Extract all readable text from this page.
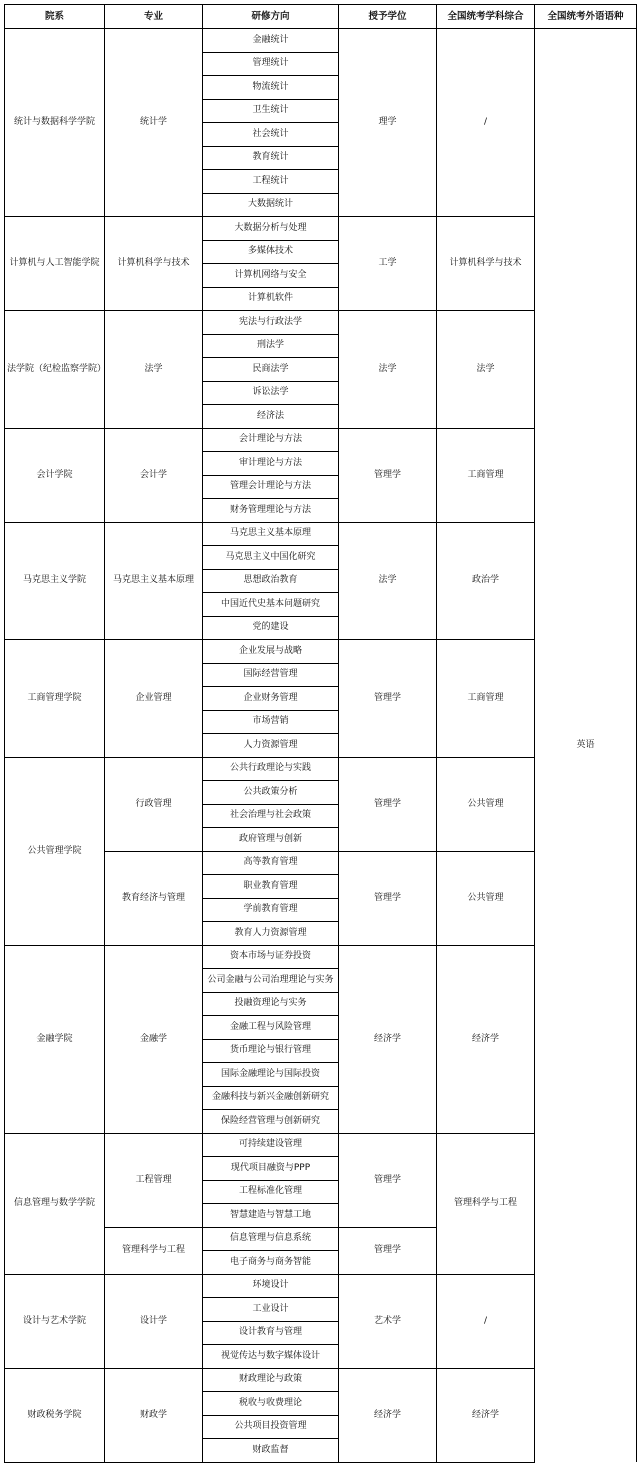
院系	专业	研修方向	授予学位	全国统考学科综合	全国统考外语语种
统计与数据科学学院	统计学	金融统计	理学	/	英语
		管理统计			
		物流统计			
		卫生统计			
		社会统计			
		教育统计			
		工程统计			
		大数据统计			
计算机与人工智能学院	计算机科学与技术	大数据分析与处理	工学	计算机科学与技术	
		多媒体技术			
		计算机网络与安全			
		计算机软件			
法学院（纪检监察学院）	法学	宪法与行政法学	法学	法学	
		刑法学			
		民商法学			
		诉讼法学			
		经济法			
会计学院	会计学	会计理论与方法	管理学	工商管理	
		审计理论与方法			
		管理会计理论与方法			
		财务管理理论与方法			
马克思主义学院	马克思主义基本原理	马克思主义基本原理	法学	政治学	
		马克思主义中国化研究			
		思想政治教育			
		中国近代史基本问题研究			
		党的建设			
工商管理学院	企业管理	企业发展与战略	管理学	工商管理	
		国际经营管理			
		企业财务管理			
		市场营销			
		人力资源管理			
公共管理学院	行政管理	公共行政理论与实践	管理学	公共管理	
		公共政策分析			
		社会治理与社会政策			
		政府管理与创新			
	教育经济与管理	高等教育管理	管理学	公共管理	
		职业教育管理			
		学前教育管理			
		教育人力资源管理			
金融学院	金融学	资本市场与证券投资	经济学	经济学	
		公司金融与公司治理理论与实务			
		投融资理论与实务			
		金融工程与风险管理			
		货币理论与银行管理			
		国际金融理论与国际投资			
		金融科技与新兴金融创新研究			
		保险经营管理与创新研究			
信息管理与数学学院	工程管理	可持续建设管理	管理学	管理科学与工程	
		现代项目融资与PPP			
		工程标准化管理			
		智慧建造与智慧工地			
	管理科学与工程	信息管理与信息系统	管理学		
		电子商务与商务智能			
设计与艺术学院	设计学	环境设计	艺术学	/	
		工业设计			
		设计教育与管理			
		视觉传达与数字媒体设计			
财政税务学院	财政学	财政理论与政策	经济学	经济学	
		税收与收费理论			
		公共项目投资管理			
		财政监督			
